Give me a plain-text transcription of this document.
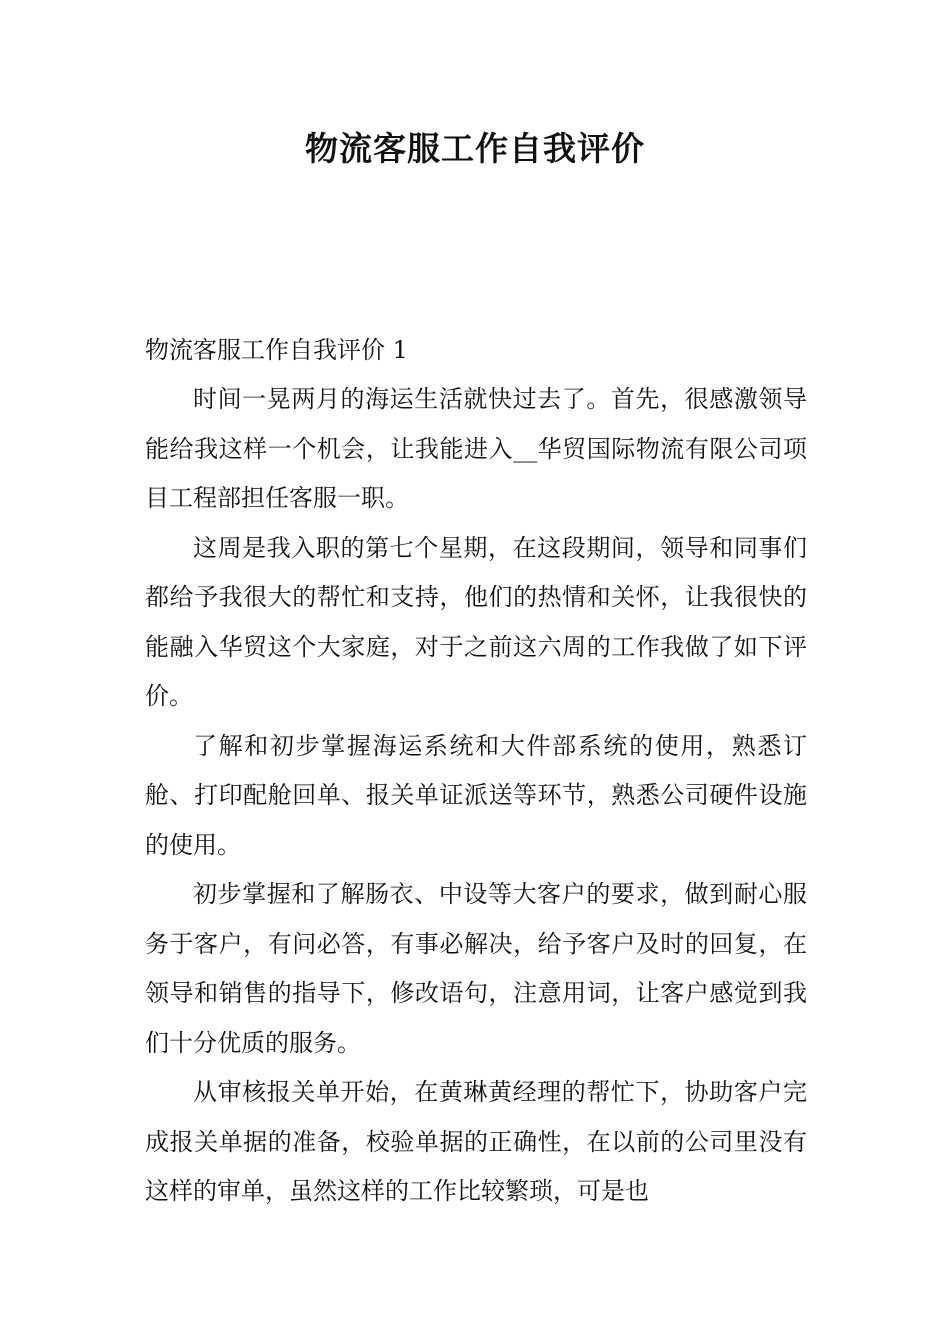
物流客服工作自我评价

物流客服工作自我评价 1

时间一晃两月的海运生活就快过去了。首先，很感激领导能给我这样一个机会，让我能进入__华贸国际物流有限公司项目工程部担任客服一职。

这周是我入职的第七个星期，在这段期间，领导和同事们都给予我很大的帮忙和支持，他们的热情和关怀，让我很快的能融入华贸这个大家庭，对于之前这六周的工作我做了如下评价。

了解和初步掌握海运系统和大件部系统的使用，熟悉订舱、打印配舱回单、报关单证派送等环节，熟悉公司硬件设施的使用。

初步掌握和了解肠衣、中设等大客户的要求，做到耐心服务于客户，有问必答，有事必解决，给予客户及时的回复，在领导和销售的指导下，修改语句，注意用词，让客户感觉到我们十分优质的服务。

从审核报关单开始，在黄琳黄经理的帮忙下，协助客户完成报关单据的准备，校验单据的正确性，在以前的公司里没有这样的审单，虽然这样的工作比较繁琐，可是也
